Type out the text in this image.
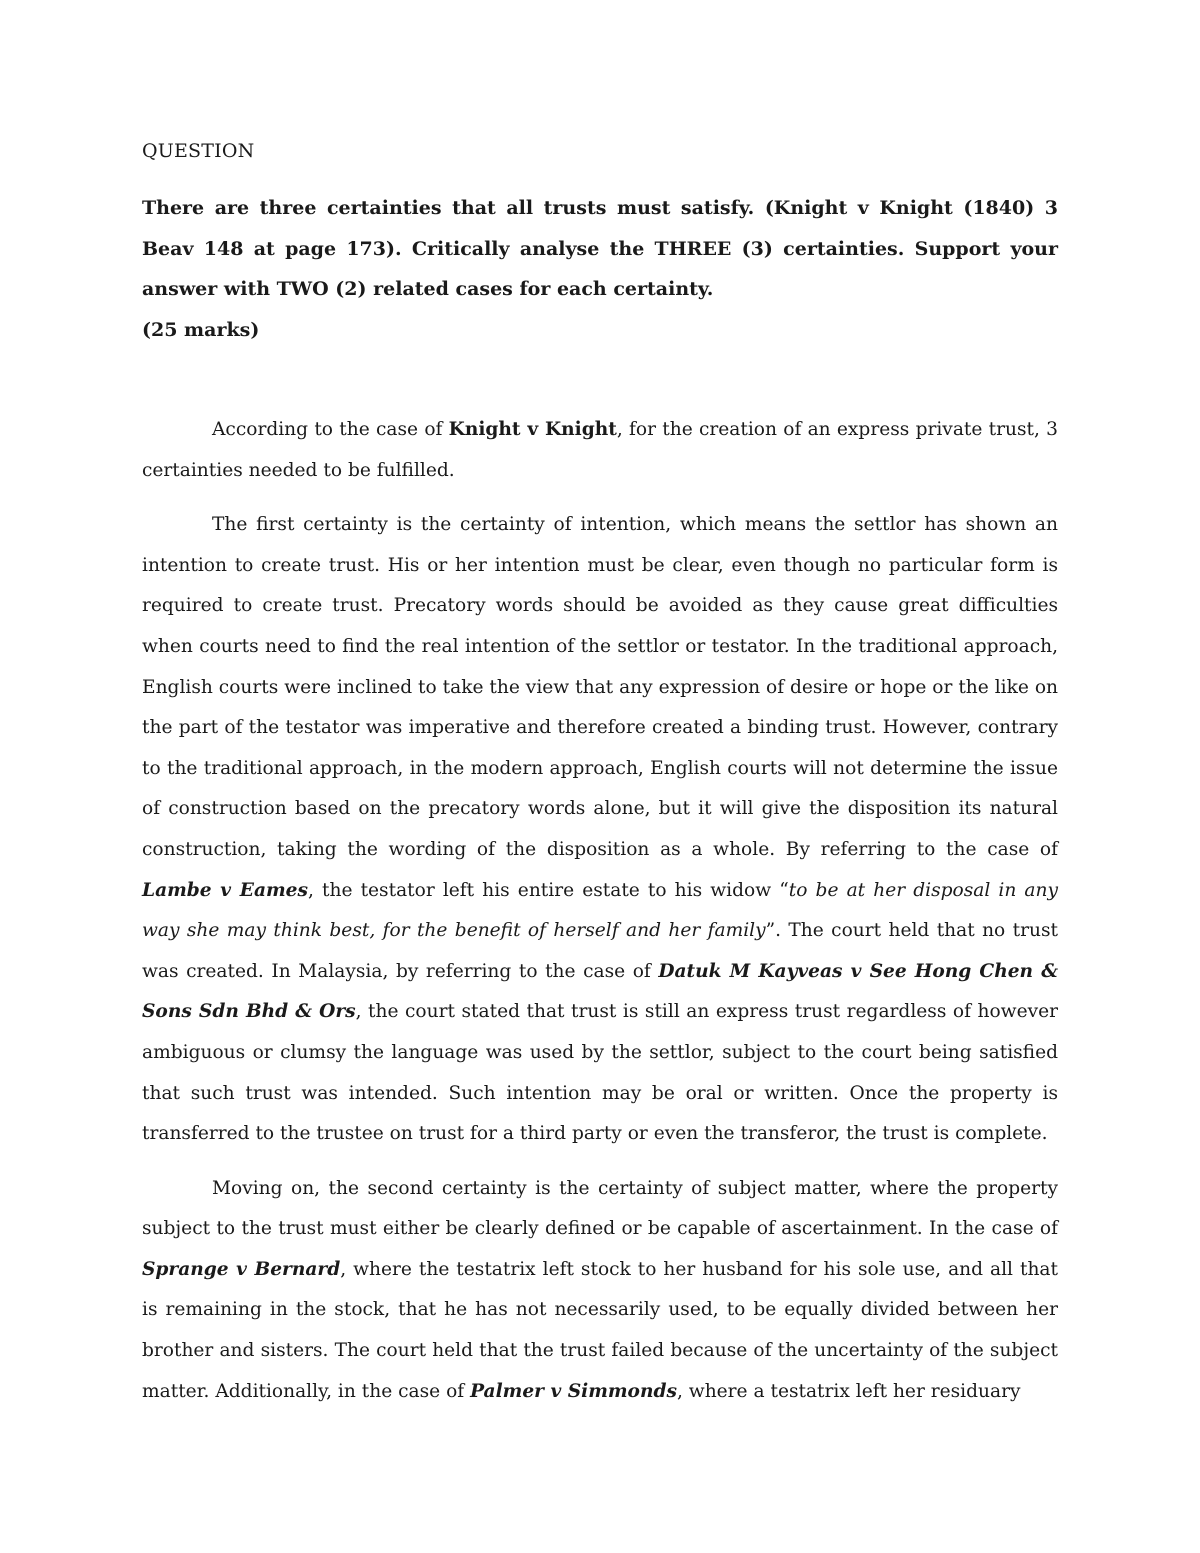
QUESTION

There are three certainties that all trusts must satisfy. (Knight v Knight (1840) 3 Beav 148 at page 173). Critically analyse the THREE (3) certainties. Support your answer with TWO (2) related cases for each certainty.

(25 marks)

According to the case of Knight v Knight, for the creation of an express private trust, 3 certainties needed to be fulfilled.

The first certainty is the certainty of intention, which means the settlor has shown an intention to create trust. His or her intention must be clear, even though no particular form is required to create trust. Precatory words should be avoided as they cause great difficulties when courts need to find the real intention of the settlor or testator. In the traditional approach, English courts were inclined to take the view that any expression of desire or hope or the like on the part of the testator was imperative and therefore created a binding trust. However, contrary to the traditional approach, in the modern approach, English courts will not determine the issue of construction based on the precatory words alone, but it will give the disposition its natural construction, taking the wording of the disposition as a whole. By referring to the case of Lambe v Eames, the testator left his entire estate to his widow “to be at her disposal in any way she may think best, for the benefit of herself and her family”. The court held that no trust was created. In Malaysia, by referring to the case of Datuk M Kayveas v See Hong Chen & Sons Sdn Bhd & Ors, the court stated that trust is still an express trust regardless of however ambiguous or clumsy the language was used by the settlor, subject to the court being satisfied that such trust was intended. Such intention may be oral or written. Once the property is transferred to the trustee on trust for a third party or even the transferor, the trust is complete.

Moving on, the second certainty is the certainty of subject matter, where the property subject to the trust must either be clearly defined or be capable of ascertainment. In the case of Sprange v Bernard, where the testatrix left stock to her husband for his sole use, and all that is remaining in the stock, that he has not necessarily used, to be equally divided between her brother and sisters. The court held that the trust failed because of the uncertainty of the subject matter. Additionally, in the case of Palmer v Simmonds, where a testatrix left her residuary
